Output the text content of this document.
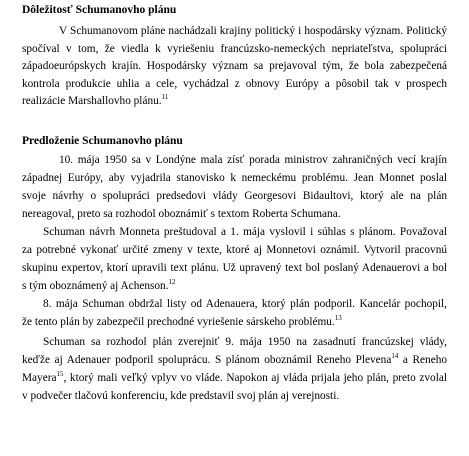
Dôležitosť Schumanovho plánu
V Schumanovom pláne nachádzali krajiny politický i hospodársky význam. Politický
spočíval v tom, že viedla k vyriešeniu francúzsko-nemeckých nepriateľstva, spolupráci
západoeurópskych krajín. Hospodársky význam sa prejavoval tým, že bola zabezpečená
kontrola produkcie uhlia a cele, vychádzal z obnovy Európy a pôsobil tak v prospech
realizácie Marshallovho plánu.$^{11}$
Predloženie Schumanovho plánu
10. mája 1950 sa v Londýne mala zísť porada ministrov zahraničných vecí krajín
západnej Európy, aby vyjadrila stanovisko k nemeckému problému. Jean Monnet poslal
svoje návrhy o spolupráci predsedovi vlády Georgesovi Bidaultovi, ktorý ale na plán
nereagoval, preto sa rozhodol oboznámiť s textom Roberta Schumana.
Schuman návrh Monneta preštudoval a 1. mája vyslovil i súhlas s plánom. Považoval
za potrebné vykonať určité zmeny v texte, ktoré aj Monnetovi oznámil. Vytvoril pracovnú
skupinu expertov, ktorí upravili text plánu. Už upravený text bol poslaný Adenauerovi a bol
s tým oboznámený aj Achenson.$^{12}$
8. mája Schuman obdržal listy od Adenauera, ktorý plán podporil. Kancelár pochopil,
že tento plán by zabezpečil prechodné vyriešenie sárskeho problému.$^{13}$
Schuman sa rozhodol plán zverejniť 9. mája 1950 na zasadnutí francúzskej vlády,
keďže aj Adenauer podporil spoluprácu. S plánom oboznámil Reneho Plevena$^{14}$ a Reneho
Mayera$^{15}$, ktorý mali veľký vplyv vo vláde. Napokon aj vláda prijala jeho plán, preto zvolal
v podvečer tlačovú konferenciu, kde predstavil svoj plán aj verejnosti.
